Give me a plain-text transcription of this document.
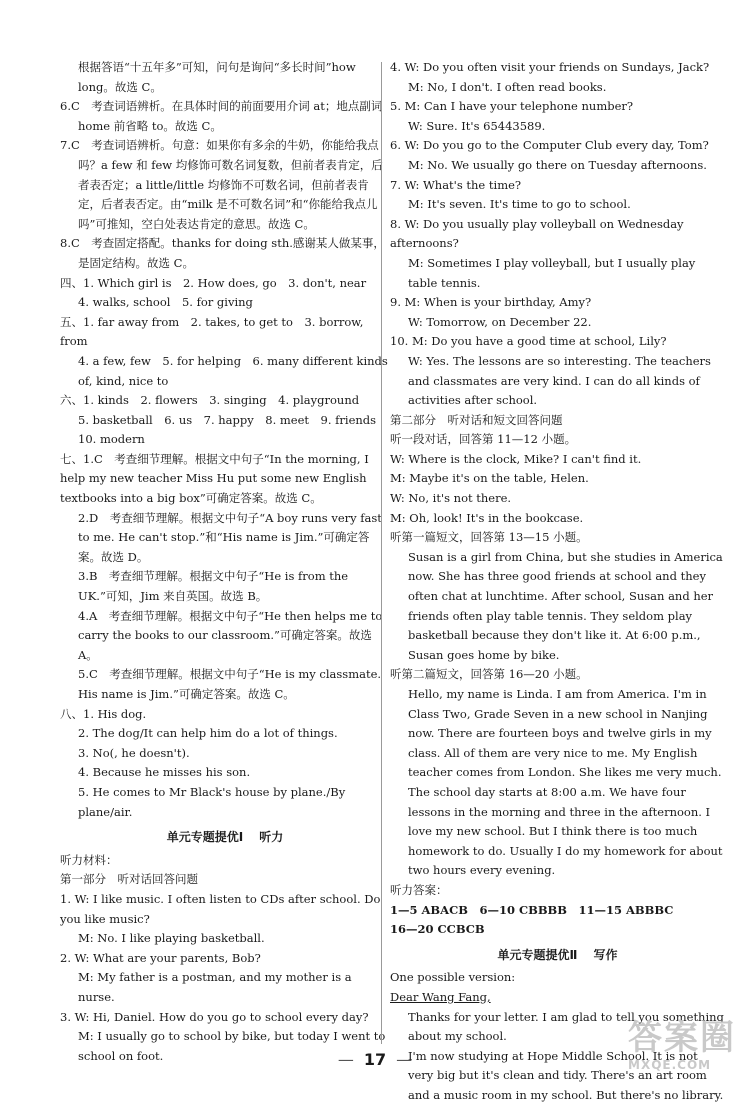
根据答语“十五年多”可知，问句是询问“多长时间”how long。故选 C。
6.C　考查词语辨析。在具体时间的前面要用介词 at；地点副词 home 前省略 to。故选 C。
7.C　考查词语辨析。句意：如果你有多余的牛奶，你能给我点吗？a few 和 few 均修饰可数名词复数，但前者表肯定，后者表否定；a little/little 均修饰不可数名词，但前者表肯定，后者表否定。由“milk 是不可数名词”和“你能给我点儿吗”可推知，空白处表达肯定的意思。故选 C。
8.C　考查固定搭配。thanks for doing sth.感谢某人做某事，是固定结构。故选 C。
四、1. Which girl is　2. How does, go　3. don't, near
4. walks, school　5. for giving
五、1. far away from　2. takes, to get to　3. borrow, from
4. a few, few　5. for helping　6. many different kinds of, kind, nice to
六、1. kinds　2. flowers　3. singing　4. playground
5. basketball　6. us　7. happy　8. meet　9. friends
10. modern
七、1.C　考查细节理解。根据文中句子“In the morning, I help my new teacher Miss Hu put some new English textbooks into a big box”可确定答案。故选 C。
2.D　考查细节理解。根据文中句子“A boy runs very fast to me. He can't stop.”和“His name is Jim.”可确定答案。故选 D。
3.B　考查细节理解。根据文中句子“He is from the UK.”可知，Jim 来自英国。故选 B。
4.A　考查细节理解。根据文中句子“He then helps me to carry the books to our classroom.”可确定答案。故选 A。
5.C　考查细节理解。根据文中句子“He is my classmate. His name is Jim.”可确定答案。故选 C。
八、1. His dog.
2. The dog/It can help him do a lot of things.
3. No(, he doesn't).
4. Because he misses his son.
5. He comes to Mr Black's house by plane./By plane/air.
单元专题提优Ⅰ 听力
听力材料：
第一部分　听对话回答问题
1. W: I like music. I often listen to CDs after school. Do you like music?
M: No. I like playing basketball.
2. W: What are your parents, Bob?
M: My father is a postman, and my mother is a nurse.
3. W: Hi, Daniel. How do you go to school every day?
M: I usually go to school by bike, but today I went to school on foot.
4. W: Do you often visit your friends on Sundays, Jack?
M: No, I don't. I often read books.
5. M: Can I have your telephone number?
W: Sure. It's 65443589.
6. W: Do you go to the Computer Club every day, Tom?
M: No. We usually go there on Tuesday afternoons.
7. W: What's the time?
M: It's seven. It's time to go to school.
8. W: Do you usually play volleyball on Wednesday afternoons?
M: Sometimes I play volleyball, but I usually play table tennis.
9. M: When is your birthday, Amy?
W: Tomorrow, on December 22.
10. M: Do you have a good time at school, Lily?
W: Yes. The lessons are so interesting. The teachers and classmates are very kind. I can do all kinds of activities after school.
第二部分　听对话和短文回答问题
听一段对话，回答第 11—12 小题。
W: Where is the clock, Mike? I can't find it.
M: Maybe it's on the table, Helen.
W: No, it's not there.
M: Oh, look! It's in the bookcase.
听第一篇短文，回答第 13—15 小题。
Susan is a girl from China, but she studies in America now. She has three good friends at school and they often chat at lunchtime. After school, Susan and her friends often play table tennis. They seldom play basketball because they don't like it. At 6:00 p.m., Susan goes home by bike.
听第二篇短文，回答第 16—20 小题。
Hello, my name is Linda. I am from America. I'm in Class Two, Grade Seven in a new school in Nanjing now. There are fourteen boys and twelve girls in my class. All of them are very nice to me. My English teacher comes from London. She likes me very much. The school day starts at 8:00 a.m. We have four lessons in the morning and three in the afternoon. I love my new school. But I think there is too much homework to do. Usually I do my homework for about two hours every evening.
听力答案：
1—5 ABACB　6—10 CBBBB　11—15 ABBBC
16—20 CCBCB
单元专题提优Ⅱ 写作
One possible version:
Dear Wang Fang,
Thanks for your letter. I am glad to tell you something about my school.
I'm now studying at Hope Middle School. It is not very big but it's clean and tidy. There's an art room and a music room in my school. But there's no library.
— 17 —
答案圈
MXQE.COM
